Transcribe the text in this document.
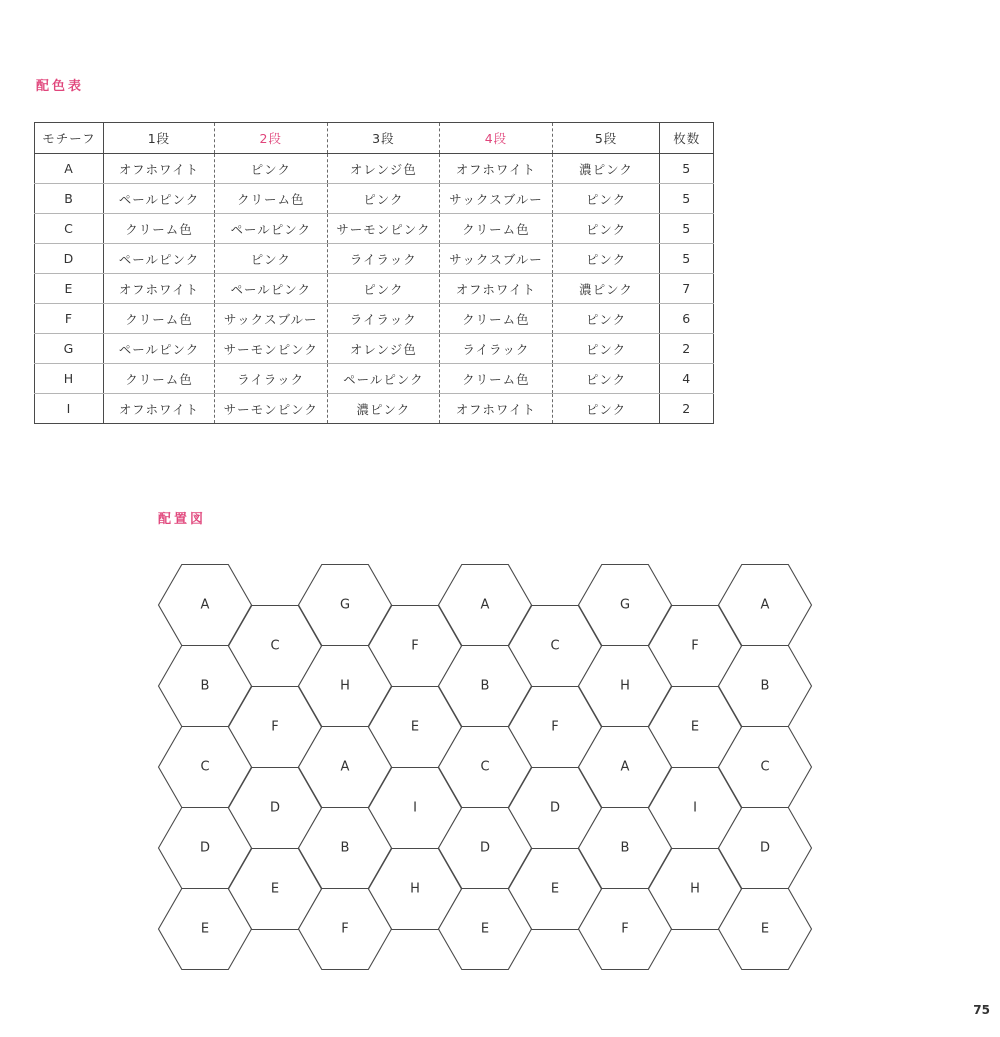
配色表
モチーフ	1段	2段	3段	4段	5段	枚数
A	オフホワイト	ピンク	オレンジ色	オフホワイト	濃ピンク	5
B	ペールピンク	クリーム色	ピンク	サックスブルー	ピンク	5
C	クリーム色	ペールピンク	サーモンピンク	クリーム色	ピンク	5
D	ペールピンク	ピンク	ライラック	サックスブルー	ピンク	5
E	オフホワイト	ペールピンク	ピンク	オフホワイト	濃ピンク	7
F	クリーム色	サックスブルー	ライラック	クリーム色	ピンク	6
G	ペールピンク	サーモンピンク	オレンジ色	ライラック	ピンク	2
H	クリーム色	ライラック	ペールピンク	クリーム色	ピンク	4
I	オフホワイト	サーモンピンク	濃ピンク	オフホワイト	ピンク	2
配置図
A
B
C
D
E
C
F
D
E
G
H
A
B
F
F
E
I
H
A
B
C
D
E
C
F
D
E
G
H
A
B
F
F
E
I
H
A
B
C
D
E
75
